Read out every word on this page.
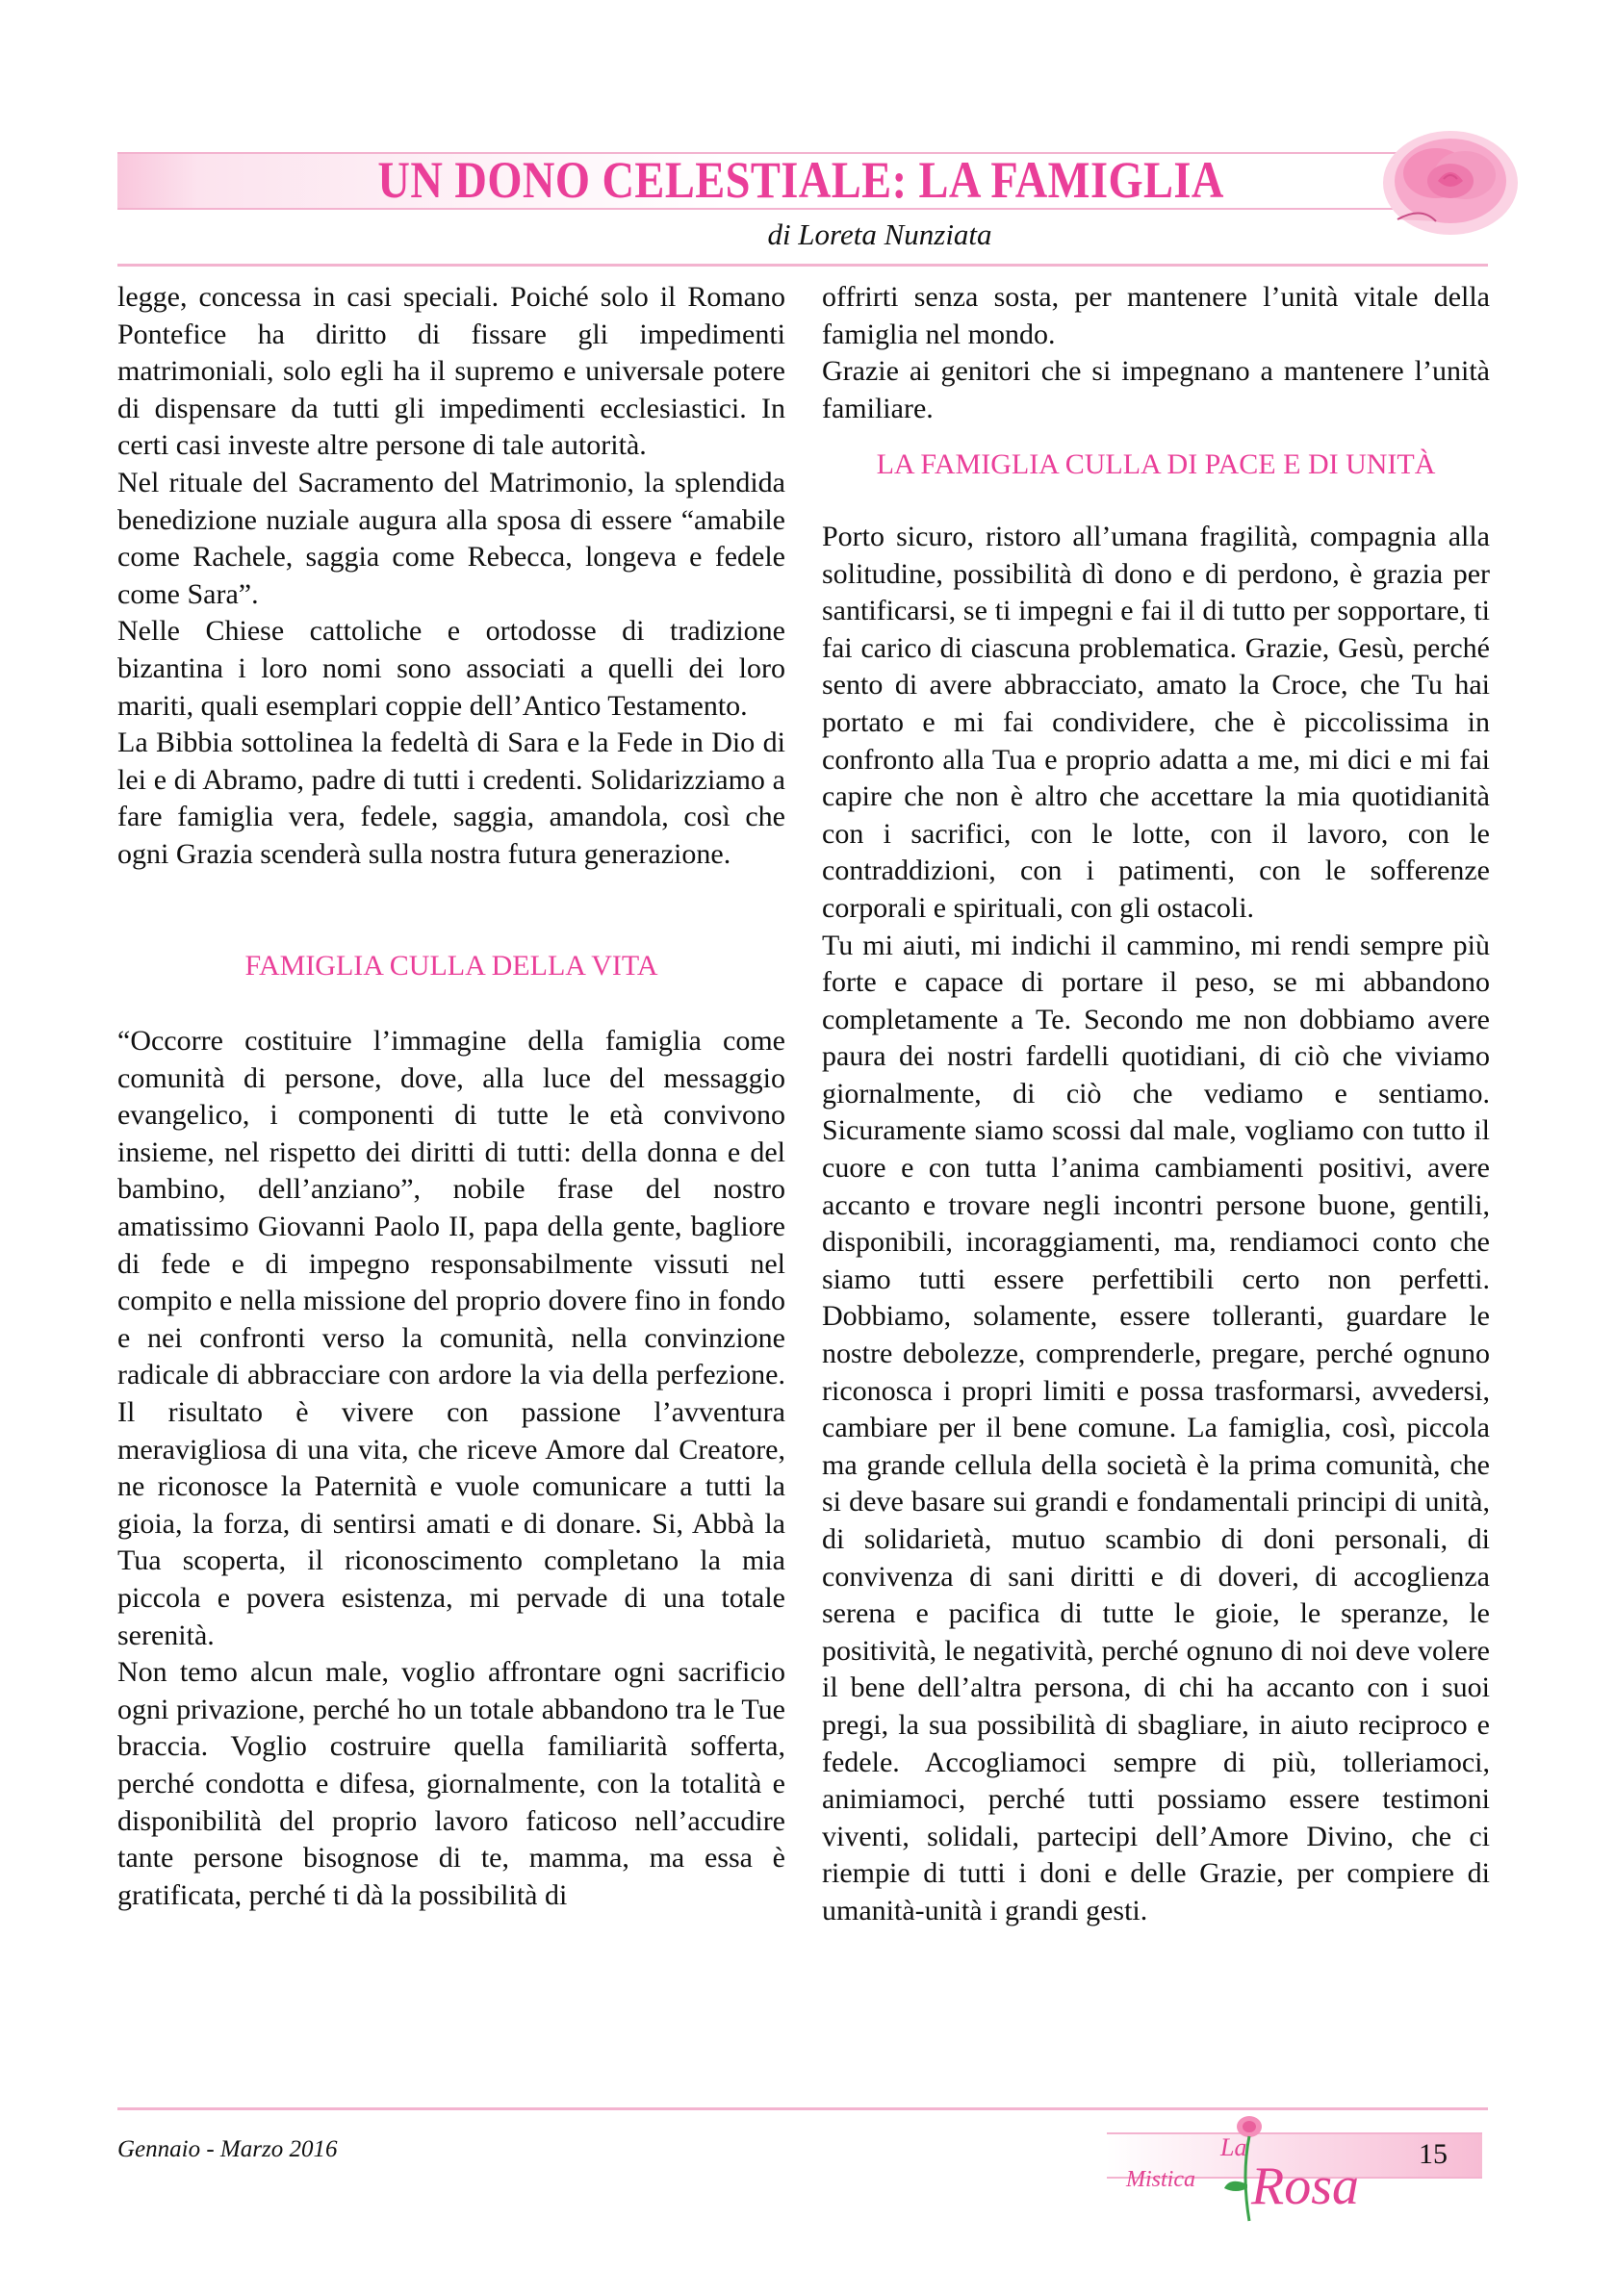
UN DONO CELESTIALE: LA FAMIGLIA
di Loreta Nunziata

legge, concessa in casi speciali. Poiché solo il Romano Pontefice ha diritto di fissare gli impedimenti matrimoniali, solo egli ha il supremo e universale potere di dispensare da tutti gli impedimenti ecclesiastici. In certi casi investe altre persone di tale autorità.

Nel rituale del Sacramento del Matrimonio, la splendida benedizione nuziale augura alla sposa di essere “amabile come Rachele, saggia come Rebecca, longeva e fedele come Sara”.

Nelle Chiese cattoliche e ortodosse di tradizione bizantina i loro nomi sono associati a quelli dei loro mariti, quali esemplari coppie dell’Antico Testamento.

La Bibbia sottolinea la fedeltà di Sara e la Fede in Dio di lei e di Abramo, padre di tutti i credenti. Solidarizziamo a fare famiglia vera, fedele, saggia, amandola, così che ogni Grazia scenderà sulla nostra futura generazione.

FAMIGLIA CULLA DELLA VITA

“Occorre costituire l’immagine della famiglia come comunità di persone, dove, alla luce del messaggio evangelico, i componenti di tutte le età convivono insieme, nel rispetto dei diritti di tutti: della donna e del bambino, dell’anziano”, nobile frase del nostro amatissimo Giovanni Paolo II, papa della gente, bagliore di fede e di impegno responsabilmente vissuti nel compito e nella missione del proprio dovere fino in fondo e nei confronti verso la comunità, nella convinzione radicale di abbracciare con ardore la via della perfezione. Il risultato è vivere con passione l’avventura meravigliosa di una vita, che riceve Amore dal Creatore, ne riconosce la Paternità e vuole comunicare a tutti la gioia, la forza, di sentirsi amati e di donare. Si, Abbà la Tua scoperta, il riconoscimento completano la mia piccola e povera esistenza, mi pervade di una totale serenità.

Non temo alcun male, voglio affrontare ogni sacrificio ogni privazione, perché ho un totale abbandono tra le Tue braccia. Voglio costruire quella familiarità sofferta, perché condotta e difesa, giornalmente, con la totalità e disponibilità del proprio lavoro faticoso nell’accudire tante persone bisognose di te, mamma, ma essa è gratificata, perché ti dà la possibilità di

offrirti senza sosta, per mantenere l’unità vitale della famiglia nel mondo.

Grazie ai genitori che si impegnano a mantenere l’unità familiare.

LA FAMIGLIA CULLA DI PACE E DI UNITÀ

Porto sicuro, ristoro all’umana fragilità, compagnia alla solitudine, possibilità dì dono e di perdono, è grazia per santificarsi, se ti impegni e fai il di tutto per sopportare, ti fai carico di ciascuna problematica. Grazie, Gesù, perché sento di avere abbracciato, amato la Croce, che Tu hai portato e mi fai condividere, che è piccolissima in confronto alla Tua e proprio adatta a me, mi dici e mi fai capire che non è altro che accettare la mia quotidianità con i sacrifici, con le lotte, con il lavoro, con le contraddizioni, con i patimenti, con le sofferenze corporali e spirituali, con gli ostacoli.

Tu mi aiuti, mi indichi il cammino, mi rendi sempre più forte e capace di portare il peso, se mi abbandono completamente a Te. Secondo me non dobbiamo avere paura dei nostri fardelli quotidiani, di ciò che viviamo giornalmente, di ciò che vediamo e sentiamo. Sicuramente siamo scossi dal male, vogliamo con tutto il cuore e con tutta l’anima cambiamenti positivi, avere accanto e trovare negli incontri persone buone, gentili, disponibili, incoraggiamenti, ma, rendiamoci conto che siamo tutti essere perfettibili certo non perfetti. Dobbiamo, solamente, essere tolleranti, guardare le nostre debolezze, comprenderle, pregare, perché ognuno riconosca i propri limiti e possa trasformarsi, avvedersi, cambiare per il bene comune. La famiglia, così, piccola ma grande cellula della società è la prima comunità, che si deve basare sui grandi e fondamentali principi di unità, di solidarietà, mutuo scambio di doni personali, di convivenza di sani diritti e di doveri, di accoglienza serena e pacifica di tutte le gioie, le speranze, le positività, le negatività, perché ognuno di noi deve volere il bene dell’altra persona, di chi ha accanto con i suoi pregi, la sua possibilità di sbagliare, in aiuto reciproco e fedele. Accogliamoci sempre di più, tolleriamoci, animiamoci, perché tutti possiamo essere testimoni viventi, solidali, partecipi dell’Amore Divino, che ci riempie di tutti i doni e delle Grazie, per compiere di umanità-unità i grandi gesti.

Gennaio - Marzo 2016	La
Mistica Rosa
15
